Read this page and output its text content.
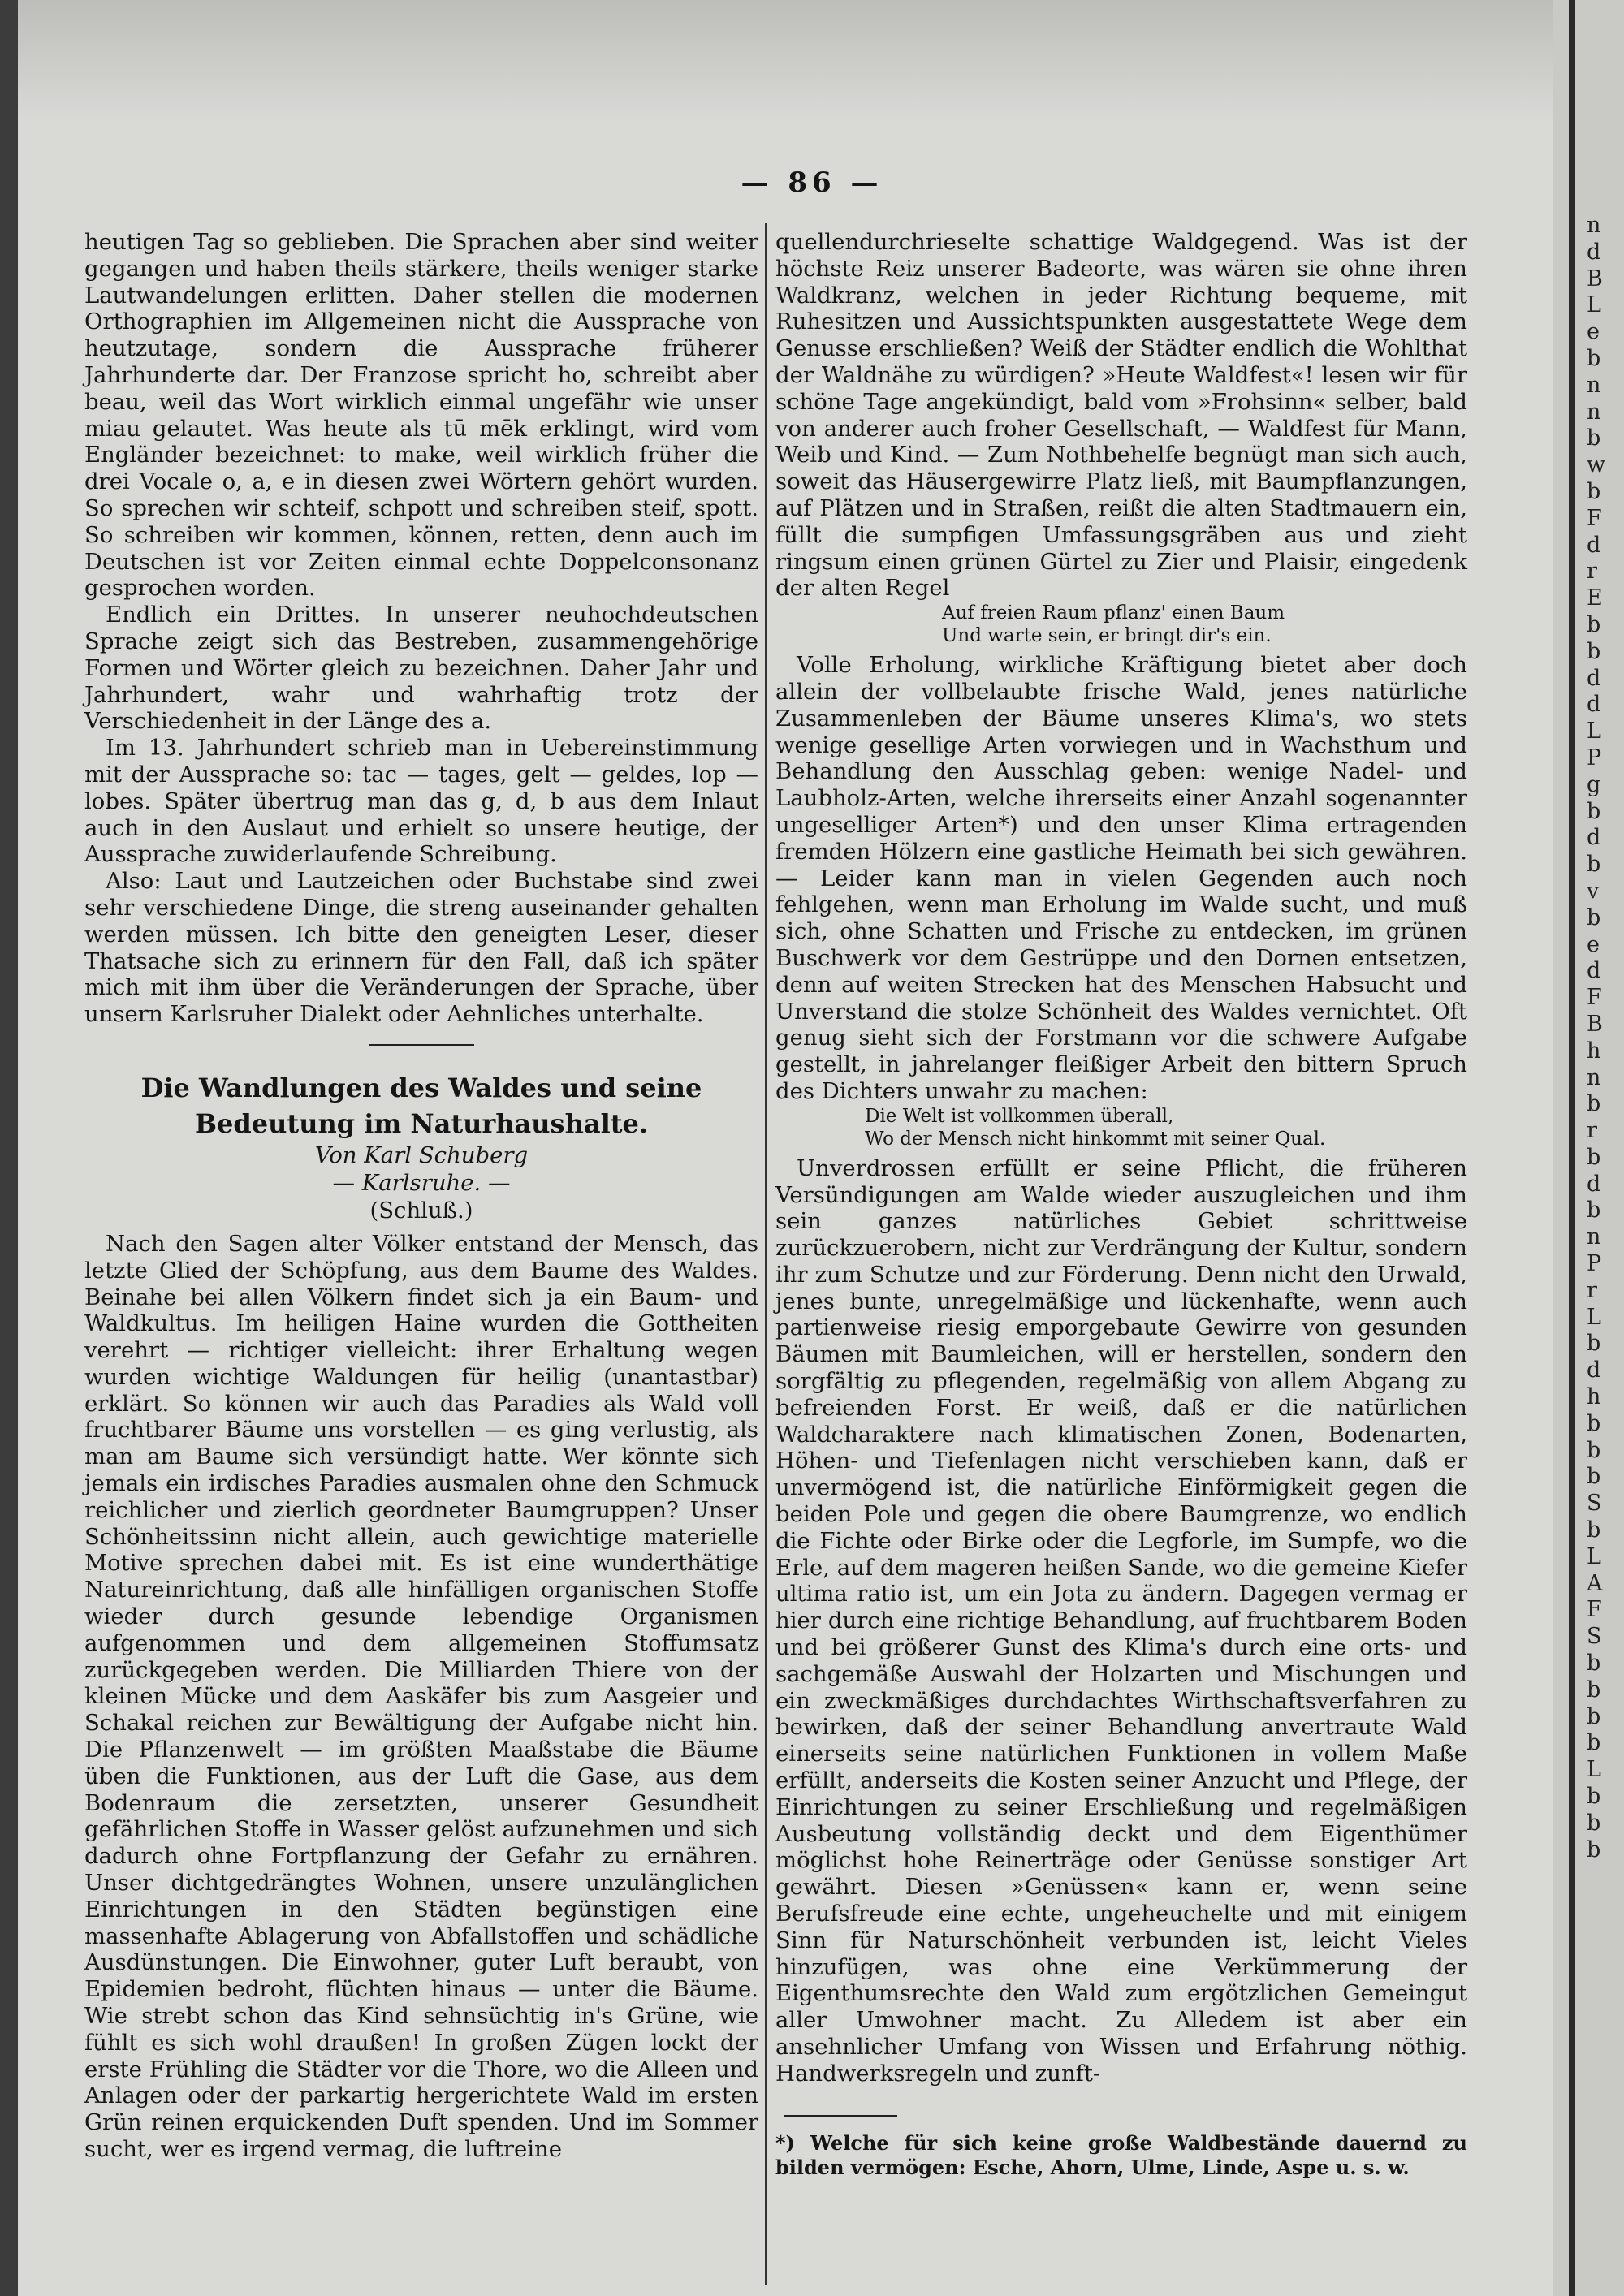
— 86 —

heutigen Tag so geblieben. Die Sprachen aber sind weiter gegangen und haben theils stärkere, theils weniger starke Lautwandelungen erlitten. Daher stellen die modernen Orthographien im Allgemeinen nicht die Aussprache von heutzutage, sondern die Aussprache früherer Jahrhunderte dar. Der Franzose spricht ho, schreibt aber beau, weil das Wort wirklich einmal ungefähr wie unser miau gelautet. Was heute als tū mēk erklingt, wird vom Engländer bezeichnet: to make, weil wirklich früher die drei Vocale o, a, e in diesen zwei Wörtern gehört wurden. So sprechen wir schteif, schpott und schreiben steif, spott. So schreiben wir kommen, können, retten, denn auch im Deutschen ist vor Zeiten einmal echte Doppelconsonanz gesprochen worden.

Endlich ein Drittes. In unserer neuhochdeutschen Sprache zeigt sich das Bestreben, zusammengehörige Formen und Wörter gleich zu bezeichnen. Daher Jahr und Jahrhundert, wahr und wahrhaftig trotz der Verschiedenheit in der Länge des a.

Im 13. Jahrhundert schrieb man in Uebereinstimmung mit der Aussprache so: tac — tages, gelt — geldes, lop — lobes. Später übertrug man das g, d, b aus dem Inlaut auch in den Auslaut und erhielt so unsere heutige, der Aussprache zuwiderlaufende Schreibung.

Also: Laut und Lautzeichen oder Buchstabe sind zwei sehr verschiedene Dinge, die streng auseinander gehalten werden müssen. Ich bitte den geneigten Leser, dieser Thatsache sich zu erinnern für den Fall, daß ich später mich mit ihm über die Veränderungen der Sprache, über unsern Karlsruher Dialekt oder Aehnliches unterhalte.

Die Wandlungen des Waldes und seine Bedeutung im Naturhaushalte.

Von Karl Schuberg

— Karlsruhe. —

(Schluß.)

Nach den Sagen alter Völker entstand der Mensch, das letzte Glied der Schöpfung, aus dem Baume des Waldes. Beinahe bei allen Völkern findet sich ja ein Baum- und Waldkultus. Im heiligen Haine wurden die Gottheiten verehrt — richtiger vielleicht: ihrer Erhaltung wegen wurden wichtige Waldungen für heilig (unantastbar) erklärt. So können wir auch das Paradies als Wald voll fruchtbarer Bäume uns vorstellen — es ging verlustig, als man am Baume sich versündigt hatte. Wer könnte sich jemals ein irdisches Paradies ausmalen ohne den Schmuck reichlicher und zierlich geordneter Baumgruppen? Unser Schönheitssinn nicht allein, auch gewichtige materielle Motive sprechen dabei mit. Es ist eine wunderthätige Natureinrichtung, daß alle hinfälligen organischen Stoffe wieder durch gesunde lebendige Organismen aufgenommen und dem allgemeinen Stoffumsatz zurückgegeben werden. Die Milliarden Thiere von der kleinen Mücke und dem Aaskäfer bis zum Aasgeier und Schakal reichen zur Bewältigung der Aufgabe nicht hin. Die Pflanzenwelt — im größten Maaßstabe die Bäume üben die Funktionen, aus der Luft die Gase, aus dem Bodenraum die zersetzten, unserer Gesundheit gefährlichen Stoffe in Wasser gelöst aufzunehmen und sich dadurch ohne Fortpflanzung der Gefahr zu ernähren. Unser dichtgedrängtes Wohnen, unsere unzulänglichen Einrichtungen in den Städten begünstigen eine massenhafte Ablagerung von Abfallstoffen und schädliche Ausdünstungen. Die Einwohner, guter Luft beraubt, von Epidemien bedroht, flüchten hinaus — unter die Bäume. Wie strebt schon das Kind sehnsüchtig in's Grüne, wie fühlt es sich wohl draußen! In großen Zügen lockt der erste Frühling die Städter vor die Thore, wo die Alleen und Anlagen oder der parkartig hergerichtete Wald im ersten Grün reinen erquickenden Duft spenden. Und im Sommer sucht, wer es irgend vermag, die luftreine

quellendurchrieselte schattige Waldgegend. Was ist der höchste Reiz unserer Badeorte, was wären sie ohne ihren Waldkranz, welchen in jeder Richtung bequeme, mit Ruhesitzen und Aussichtspunkten ausgestattete Wege dem Genusse erschließen? Weiß der Städter endlich die Wohlthat der Waldnähe zu würdigen? »Heute Waldfest«! lesen wir für schöne Tage angekündigt, bald vom »Frohsinn« selber, bald von anderer auch froher Gesellschaft, — Waldfest für Mann, Weib und Kind. — Zum Nothbehelfe begnügt man sich auch, soweit das Häusergewirre Platz ließ, mit Baumpflanzungen, auf Plätzen und in Straßen, reißt die alten Stadtmauern ein, füllt die sumpfigen Umfassungsgräben aus und zieht ringsum einen grünen Gürtel zu Zier und Plaisir, eingedenk der alten Regel

Auf freien Raum pflanz' einen Baum

Und warte sein, er bringt dir's ein.

Volle Erholung, wirkliche Kräftigung bietet aber doch allein der vollbelaubte frische Wald, jenes natürliche Zusammenleben der Bäume unseres Klima's, wo stets wenige gesellige Arten vorwiegen und in Wachsthum und Behandlung den Ausschlag geben: wenige Nadel- und Laubholz-Arten, welche ihrerseits einer Anzahl sogenannter ungeselliger Arten*) und den unser Klima ertragenden fremden Hölzern eine gastliche Heimath bei sich gewähren. — Leider kann man in vielen Gegenden auch noch fehlgehen, wenn man Erholung im Walde sucht, und muß sich, ohne Schatten und Frische zu entdecken, im grünen Buschwerk vor dem Gestrüppe und den Dornen entsetzen, denn auf weiten Strecken hat des Menschen Habsucht und Unverstand die stolze Schönheit des Waldes vernichtet. Oft genug sieht sich der Forstmann vor die schwere Aufgabe gestellt, in jahrelanger fleißiger Arbeit den bittern Spruch des Dichters unwahr zu machen:

Die Welt ist vollkommen überall,

Wo der Mensch nicht hinkommt mit seiner Qual.

Unverdrossen erfüllt er seine Pflicht, die früheren Versündigungen am Walde wieder auszugleichen und ihm sein ganzes natürliches Gebiet schrittweise zurückzuerobern, nicht zur Verdrängung der Kultur, sondern ihr zum Schutze und zur Förderung. Denn nicht den Urwald, jenes bunte, unregelmäßige und lückenhafte, wenn auch partienweise riesig emporgebaute Gewirre von gesunden Bäumen mit Baumleichen, will er herstellen, sondern den sorgfältig zu pflegenden, regelmäßig von allem Abgang zu befreienden Forst. Er weiß, daß er die natürlichen Waldcharaktere nach klimatischen Zonen, Bodenarten, Höhen- und Tiefenlagen nicht verschieben kann, daß er unvermögend ist, die natürliche Einförmigkeit gegen die beiden Pole und gegen die obere Baumgrenze, wo endlich die Fichte oder Birke oder die Legforle, im Sumpfe, wo die Erle, auf dem mageren heißen Sande, wo die gemeine Kiefer ultima ratio ist, um ein Jota zu ändern. Dagegen vermag er hier durch eine richtige Behandlung, auf fruchtbarem Boden und bei größerer Gunst des Klima's durch eine orts- und sachgemäße Auswahl der Holzarten und Mischungen und ein zweckmäßiges durchdachtes Wirthschaftsverfahren zu bewirken, daß der seiner Behandlung anvertraute Wald einerseits seine natürlichen Funktionen in vollem Maße erfüllt, anderseits die Kosten seiner Anzucht und Pflege, der Einrichtungen zu seiner Erschließung und regelmäßigen Ausbeutung vollständig deckt und dem Eigenthümer möglichst hohe Reinerträge oder Genüsse sonstiger Art gewährt. Diesen »Genüssen« kann er, wenn seine Berufsfreude eine echte, ungeheuchelte und mit einigem Sinn für Naturschönheit verbunden ist, leicht Vieles hinzufügen, was ohne eine Verkümmerung der Eigenthumsrechte den Wald zum ergötzlichen Gemeingut aller Umwohner macht. Zu Alledem ist aber ein ansehnlicher Umfang von Wissen und Erfahrung nöthig. Handwerksregeln und zunft-

*) Welche für sich keine große Waldbestände dauernd zu bilden vermögen: Esche, Ahorn, Ulme, Linde, Aspe u. s. w.

n
d
B
L
e
b
n
n
b
w
b
F
d
r
E
b
b
d
d
L
P
g
b
d
b
v
b
e
d
F
B
h
n
b
r
b
d
b
n
P
r
L
b
d
h
b
b
b
S
b
L
A
F
S
b
b
b
b
L
b
b
b
